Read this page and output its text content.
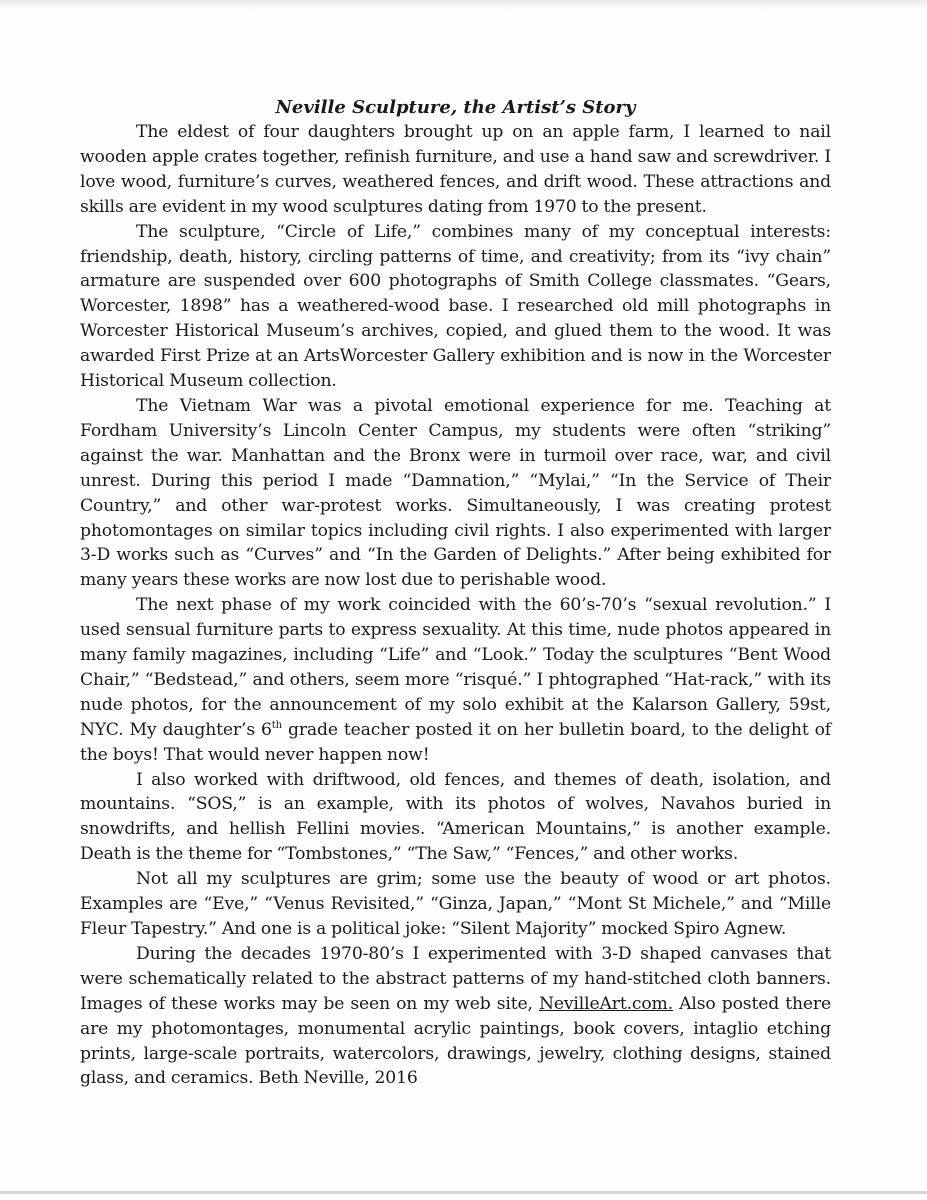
Neville Sculpture, the Artist’s Story

The eldest of four daughters brought up on an apple farm, I learned to nail wooden apple crates together, refinish furniture, and use a hand saw and screwdriver. I love wood, furniture’s curves, weathered fences, and drift wood. These attractions and skills are evident in my wood sculptures dating from 1970 to the present.

The sculpture, “Circle of Life,” combines many of my conceptual interests: friendship, death, history, circling patterns of time, and creativity; from its “ivy chain” armature are suspended over 600 photographs of Smith College classmates. “Gears, Worcester, 1898” has a weathered-wood base. I researched old mill photographs in Worcester Historical Museum’s archives, copied, and glued them to the wood. It was awarded First Prize at an ArtsWorcester Gallery exhibition and is now in the Worcester Historical Museum collection.

The Vietnam War was a pivotal emotional experience for me. Teaching at Fordham University’s Lincoln Center Campus, my students were often “striking” against the war. Manhattan and the Bronx were in turmoil over race, war, and civil unrest. During this period I made “Damnation,” “Mylai,” “In the Service of Their Country,” and other war-protest works. Simultaneously, I was creating protest photomontages on similar topics including civil rights. I also experimented with larger 3-D works such as “Curves” and “In the Garden of Delights.” After being exhibited for many years these works are now lost due to perishable wood.

The next phase of my work coincided with the 60’s-70’s “sexual revolution.” I used sensual furniture parts to express sexuality. At this time, nude photos appeared in many family magazines, including “Life” and “Look.” Today the sculptures “Bent Wood Chair,” “Bedstead,” and others, seem more “risqué.” I phtographed “Hat-rack,” with its nude photos, for the announcement of my solo exhibit at the Kalarson Gallery, 59st, NYC. My daughter’s 6th grade teacher posted it on her bulletin board, to the delight of the boys! That would never happen now!

I also worked with driftwood, old fences, and themes of death, isolation, and mountains. “SOS,” is an example, with its photos of wolves, Navahos buried in snowdrifts, and hellish Fellini movies. “American Mountains,” is another example. Death is the theme for “Tombstones,” “The Saw,” “Fences,” and other works.

Not all my sculptures are grim; some use the beauty of wood or art photos. Examples are “Eve,” “Venus Revisited,” “Ginza, Japan,” “Mont St Michele,” and “Mille Fleur Tapestry.” And one is a political joke: “Silent Majority” mocked Spiro Agnew.

During the decades 1970-80’s I experimented with 3-D shaped canvases that were schematically related to the abstract patterns of my hand-stitched cloth banners. Images of these works may be seen on my web site, NevilleArt.com. Also posted there are my photomontages, monumental acrylic paintings, book covers, intaglio etching prints, large-scale portraits, watercolors, drawings, jewelry, clothing designs, stained glass, and ceramics. Beth Neville, 2016
